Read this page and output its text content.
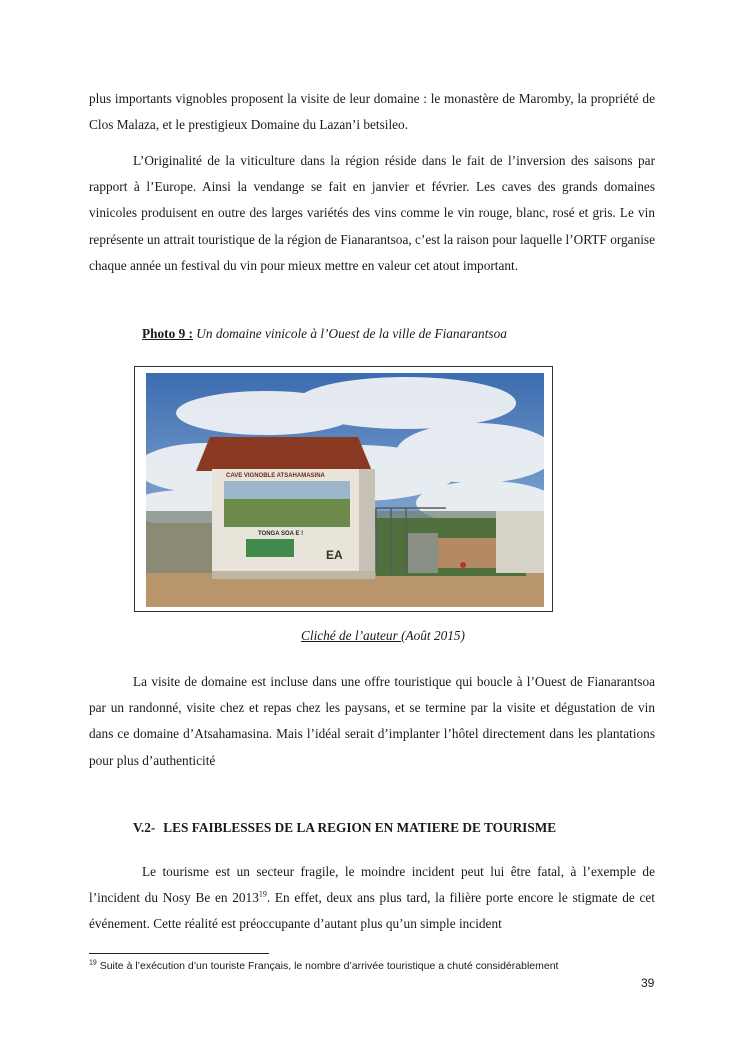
plus importants vignobles proposent la visite de leur domaine : le monastère de Maromby, la propriété de Clos Malaza, et le prestigieux Domaine du Lazan’i betsileo.

L’Originalité de la viticulture dans la région réside dans le fait de l’inversion des saisons par rapport à l’Europe. Ainsi la vendange se fait en janvier et février. Les caves des grands domaines vinicoles produisent en outre des larges variétés des vins comme le vin rouge, blanc, rosé et gris. Le vin représente un attrait touristique de la région de Fianarantsoa, c’est la raison pour laquelle l’ORTF organise chaque année un festival du vin pour mieux mettre en valeur cet atout important.

Photo 9 : Un domaine vinicole à l’Ouest de la ville de Fianarantsoa
CAVE VIGNOBLE ATSAHAMASINA
TONGA SOA E !
EA
Cliché de l’auteur (Août 2015)

La visite de domaine est incluse dans une offre touristique qui boucle à l’Ouest de Fianarantsoa par un randonné, visite chez et repas chez les paysans, et se termine par la visite et dégustation de vin dans ce domaine d’Atsahamasina. Mais l’idéal serait d’implanter l’hôtel directement dans les plantations pour plus d’authenticité

V.2- LES FAIBLESSES DE LA REGION EN MATIERE DE TOURISME

Le tourisme est un secteur fragile, le moindre incident peut lui être fatal, à l’exemple de l’incident du Nosy Be en 2013$^{19}$. En effet, deux ans plus tard, la filière porte encore le stigmate de cet événement. Cette réalité est préoccupante d’autant plus qu’un simple incident

$^{19}$ Suite à l’exécution d’un touriste Français, le nombre d’arrivée touristique a chuté considérablement
39
